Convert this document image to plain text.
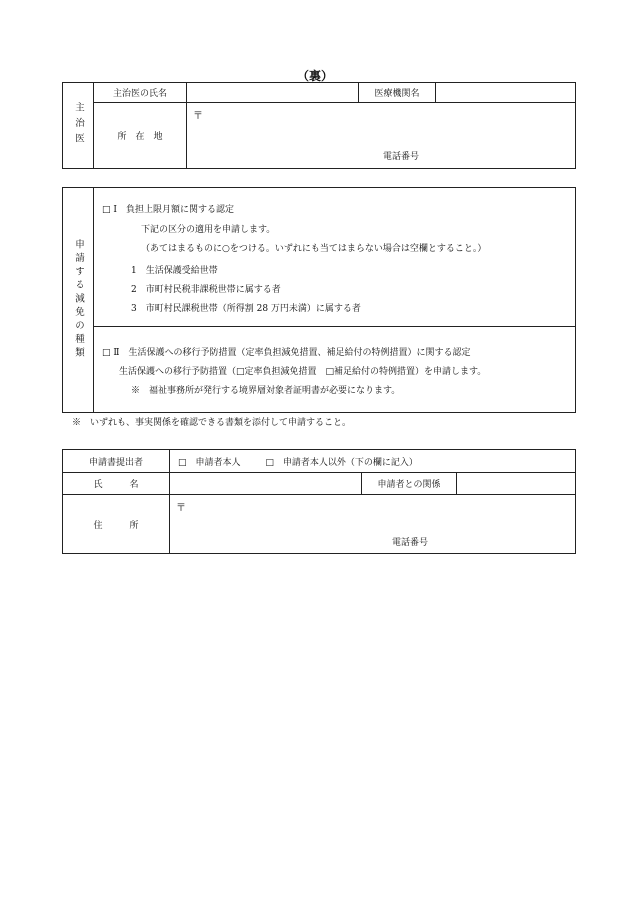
（裏）
主治医	主治医の氏名		医療機関名	
	所　在　地	〒
電話番号		
申請する減免の種類

□ Ⅰ　負担上限月額に関する認定
下記の区分の適用を申請します。
（あてはまるものに○をつける。いずれにも当てはまらない場合は空欄とすること。）
1　生活保護受給世帯
2　市町村民税非課税世帯に属する者
3　市町村民課税世帯（所得割 28 万円未満）に属する者

□ Ⅱ　生活保護への移行予防措置（定率負担減免措置、補足給付の特例措置）に関する認定
生活保護への移行予防措置（□定率負担減免措置　□補足給付の特例措置）を申請します。
※　福祉事務所が発行する境界層対象者証明書が必要になります。
※　いずれも、事実関係を確認できる書類を添付して申請すること。
申請書提出者	□　申請者本人 □　申請者本人以外（下の欄に記入）		
氏　　　名		申請者との関係	
住　　　所	〒
電話番号		
